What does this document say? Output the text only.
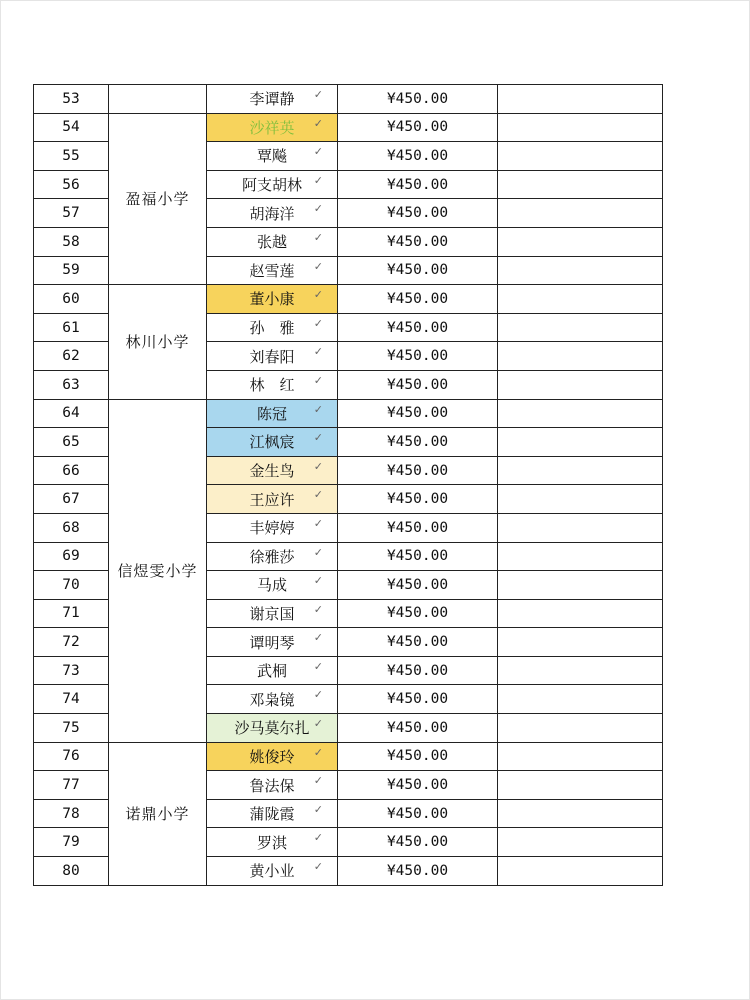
53		李谭静 ✓	¥450.00	
54	盈福小学	沙祥英 ✓	¥450.00	
55		覃飚 ✓	¥450.00	
56		阿支胡林 ✓	¥450.00	
57		胡海洋 ✓	¥450.00	
58		张越 ✓	¥450.00	
59		赵雪莲 ✓	¥450.00	
60	林川小学	董小康 ✓	¥450.00	
61		孙　雅 ✓	¥450.00	
62		刘春阳 ✓	¥450.00	
63		林　红 ✓	¥450.00	
64	信煜雯小学	陈冠 ✓	¥450.00	
65		江枫宸 ✓	¥450.00	
66		金生鸟 ✓	¥450.00	
67		王应许 ✓	¥450.00	
68		丰婷婷 ✓	¥450.00	
69		徐雅莎 ✓	¥450.00	
70		马成 ✓	¥450.00	
71		谢京国 ✓	¥450.00	
72		谭明琴 ✓	¥450.00	
73		武桐 ✓	¥450.00	
74		邓枭镜 ✓	¥450.00	
75		沙马莫尔扎 ✓	¥450.00	
76	诺鼎小学	姚俊玲 ✓	¥450.00	
77		鲁法保 ✓	¥450.00	
78		蒲陇霞 ✓	¥450.00	
79		罗淇 ✓	¥450.00	
80		黄小业 ✓	¥450.00	
